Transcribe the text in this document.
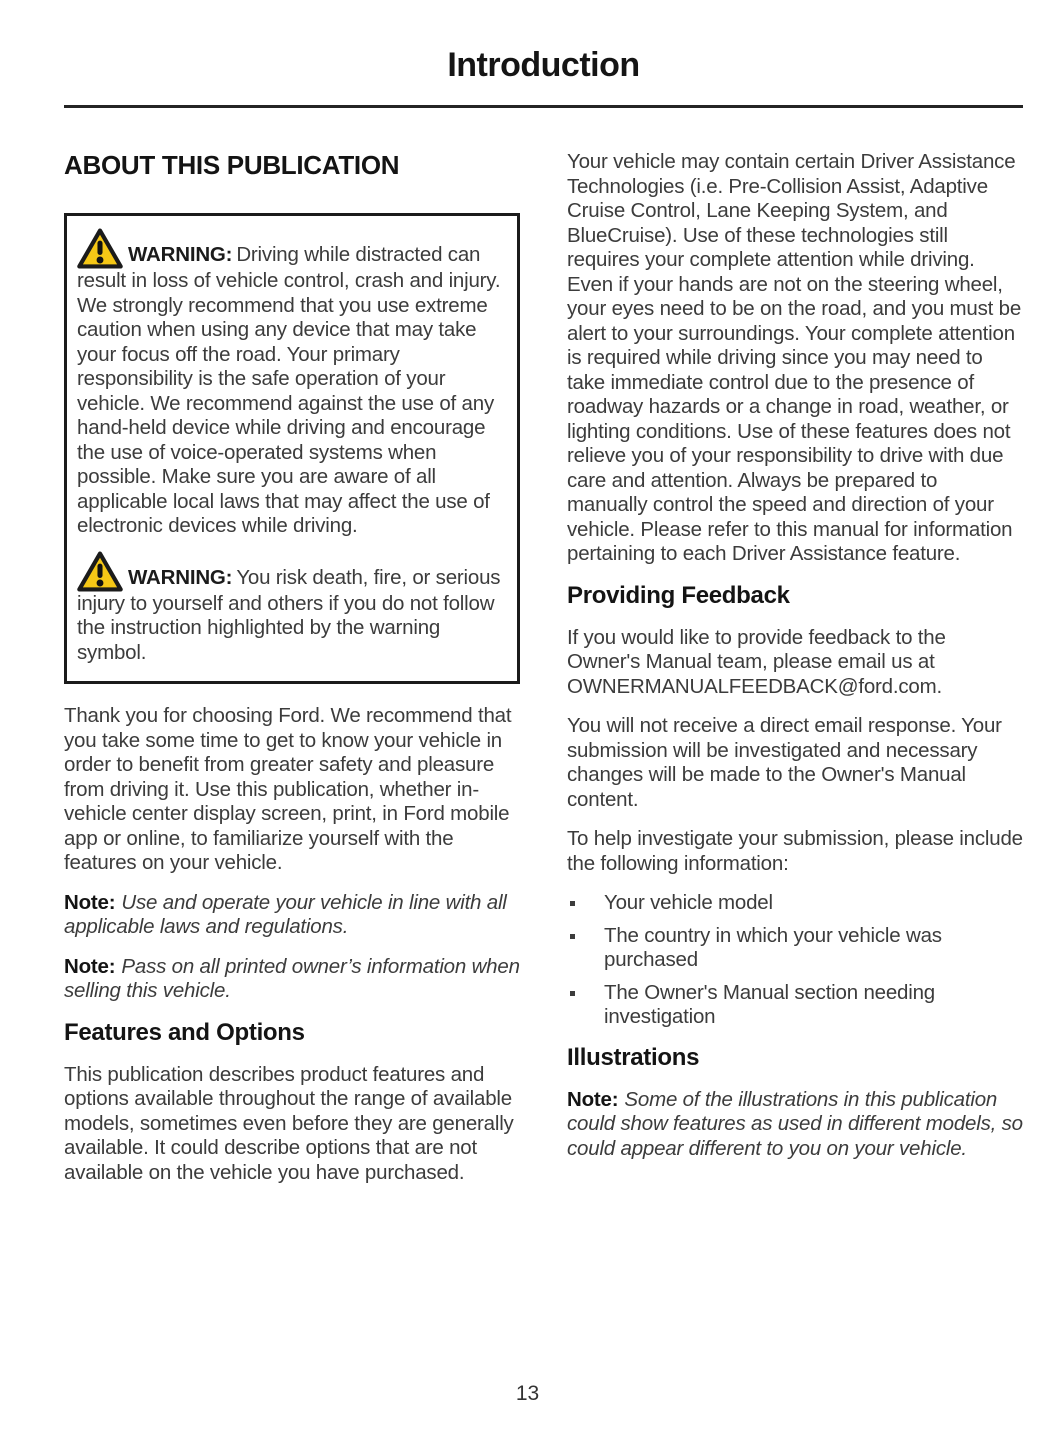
Introduction
ABOUT THIS PUBLICATION

WARNING: Driving while distracted can result in loss of vehicle control, crash and injury. We strongly recommend that you use extreme caution when using any device that may take your focus off the road. Your primary responsibility is the safe operation of your vehicle. We recommend against the use of any hand-held device while driving and encourage the use of voice-operated systems when possible. Make sure you are aware of all applicable local laws that may affect the use of electronic devices while driving.

WARNING: You risk death, fire, or serious injury to yourself and others if you do not follow the instruction highlighted by the warning symbol.

Thank you for choosing Ford. We recommend that you take some time to get to know your vehicle in order to benefit from greater safety and pleasure from driving it. Use this publication, whether in-vehicle center display screen, print, in Ford mobile app or online, to familiarize yourself with the features on your vehicle.

Note: Use and operate your vehicle in line with all applicable laws and regulations.

Note: Pass on all printed owner’s information when selling this vehicle.

Features and Options

This publication describes product features and options available throughout the range of available models, sometimes even before they are generally available. It could describe options that are not available on the vehicle you have purchased.

Your vehicle may contain certain Driver Assistance Technologies (i.e. Pre-Collision Assist, Adaptive Cruise Control, Lane Keeping System, and BlueCruise). Use of these technologies still requires your complete attention while driving. Even if your hands are not on the steering wheel, your eyes need to be on the road, and you must be alert to your surroundings. Your complete attention is required while driving since you may need to take immediate control due to the presence of roadway hazards or a change in road, weather, or lighting conditions. Use of these features does not relieve you of your responsibility to drive with due care and attention. Always be prepared to manually control the speed and direction of your vehicle. Please refer to this manual for information pertaining to each Driver Assistance feature.

Providing Feedback

If you would like to provide feedback to the Owner's Manual team, please email us at OWNERMANUALFEEDBACK@ford.com.

You will not receive a direct email response. Your submission will be investigated and necessary changes will be made to the Owner's Manual content.

To help investigate your submission, please include the following information:

Your vehicle model
The country in which your vehicle was purchased
The Owner's Manual section needing investigation
Illustrations

Note: Some of the illustrations in this publication could show features as used in different models, so could appear different to you on your vehicle.

13
